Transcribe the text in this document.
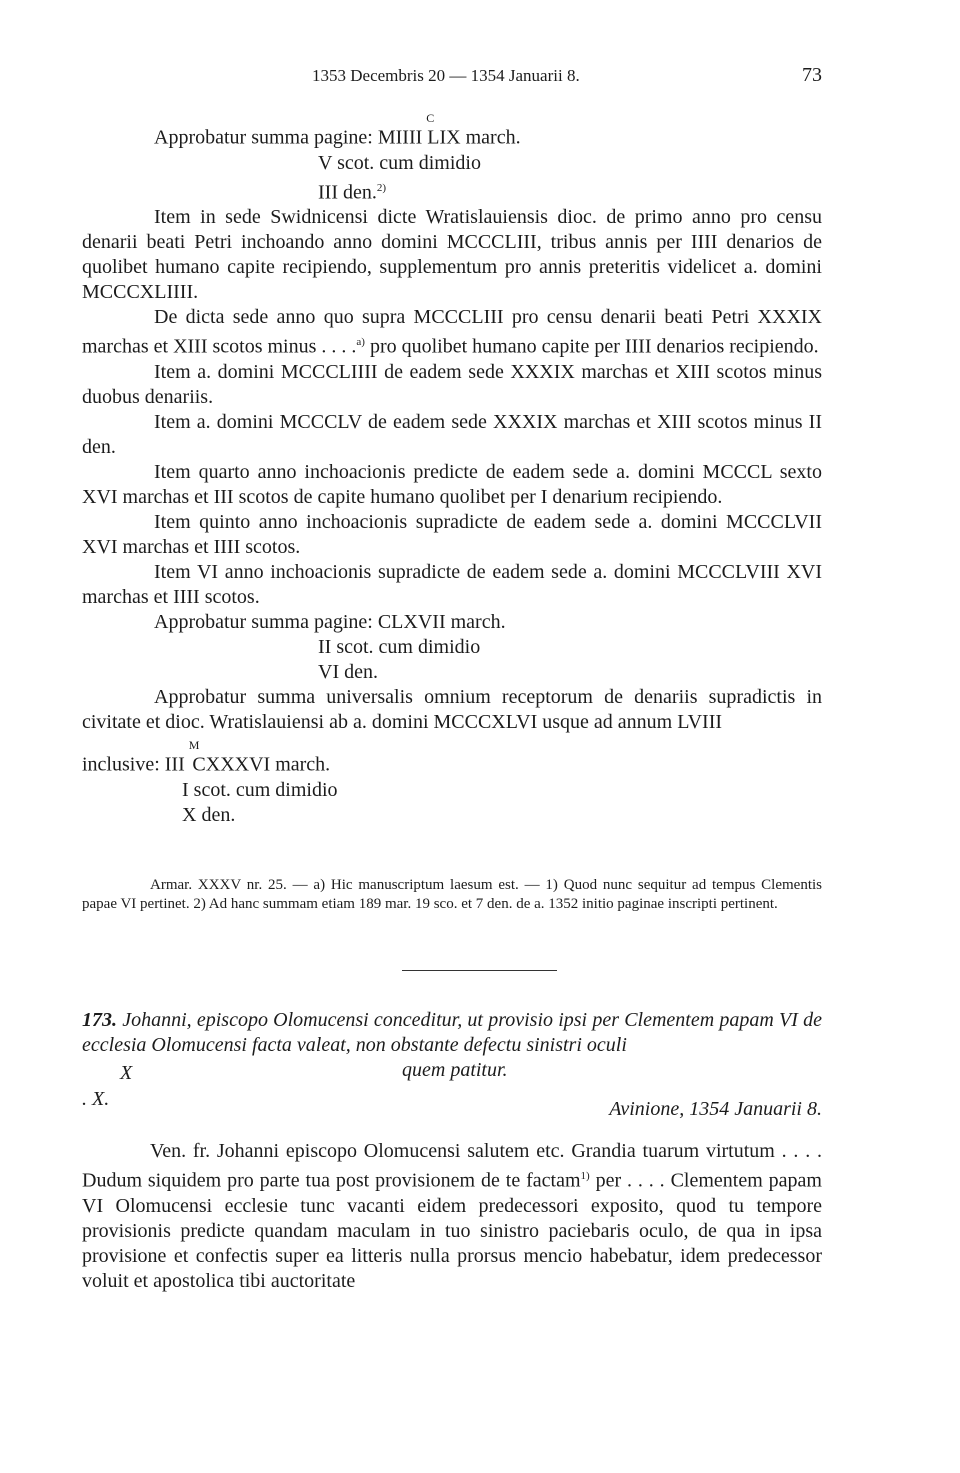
1353 Decembris 20 — 1354 Januarii 8.	73

Approbatur summa pagine: $MIIII^C$ LIX march.

V scot. cum dimidio

III den.$^{2)}$

Item in sede Swidnicensi dicte Wratislauiensis dioc. de primo anno pro censu denarii beati Petri inchoando anno domini MCCCLIII, tribus annis per IIII denarios de quolibet humano capite recipiendo, supplementum pro annis preteritis videlicet a. domini MCCCXLIIII.

De dicta sede anno quo supra MCCCLIII pro censu denarii beati Petri XXXIX marchas et XIII scotos minus . . . .$^{a)}$ pro quolibet humano capite per IIII denarios recipiendo.

Item a. domini MCCCLIIII de eadem sede XXXIX marchas et XIII scotos minus duobus denariis.

Item a. domini MCCCLV de eadem sede XXXIX marchas et XIII scotos minus II den.

Item quarto anno inchoacionis predicte de eadem sede a. domini MCCCL sexto XVI marchas et III scotos de capite humano quolibet per I denarium recipiendo.

Item quinto anno inchoacionis supradicte de eadem sede a. domini MCCCLVII XVI marchas et IIII scotos.

Item VI anno inchoacionis supradicte de eadem sede a. domini MCCCLVIII XVI marchas et IIII scotos.

Approbatur summa pagine: CLXVII march.

II scot. cum dimidio

VI den.

Approbatur summa universalis omnium receptorum de denariis supradictis in civitate et dioc. Wratislauiensi ab a. domini MCCCXLVI usque ad annum LVIII

inclusive: $III^M$ CXXXVI march.

I scot. cum dimidio

X den.

Armar. XXXV nr. 25. — a) Hic manuscriptum laesum est. — 1) Quod nunc sequitur ad tempus Clementis papae VI pertinet. 2) Ad hanc summam etiam 189 mar. 19 sco. et 7 den. de a. 1352 initio paginae inscripti pertinent.

173. Johanni, episcopo Olomucensi conceditur, ut provisio ipsi per Clementem papam VI de ecclesia Olomucensi facta valeat, non obstante defectu sinistri oculi
quem patitur.

X
. X.	Avinione, 1354 Januarii 8.

Ven. fr. Johanni episcopo Olomucensi salutem etc. Grandia tuarum virtutum . . . . Dudum siquidem pro parte tua post provisionem de te factam$^{1)}$ per . . . . Clementem papam VI Olomucensi ecclesie tunc vacanti eidem predecessori exposito, quod tu tempore provisionis predicte quandam maculam in tuo sinistro paciebaris oculo, de qua in ipsa provisione et confectis super ea litteris nulla prorsus mencio habebatur, idem predecessor voluit et apostolica tibi auctoritate
